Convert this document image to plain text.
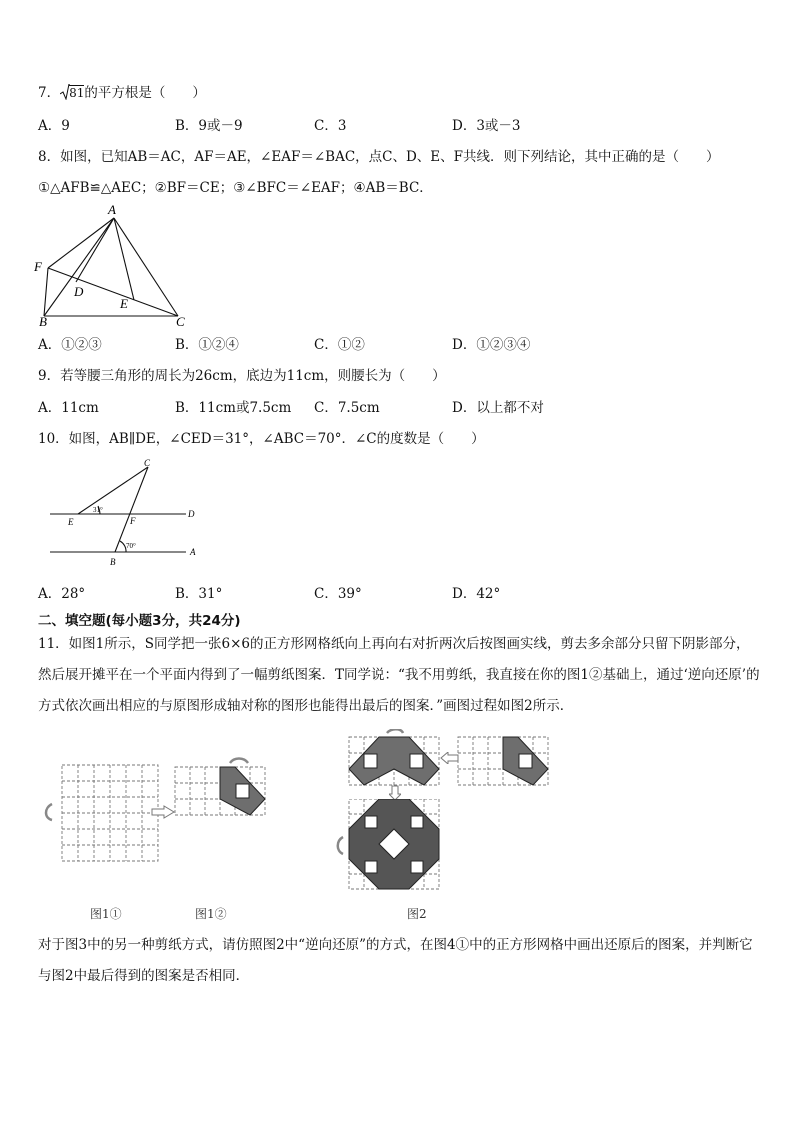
7． 81的平方根是（　　）
A．9	B．9或－9	C．3	D．3或－3
8．如图，已知AB＝AC，AF＝AE，∠EAF＝∠BAC，点C、D、E、F共线．则下列结论，其中正确的是（　　）
①△AFB≌△AEC；②BF＝CE；③∠BFC＝∠EAF；④AB＝BC．
A
F
D
E
B	C
A．①②③	B．①②④	C．①②	D．①②③④
9．若等腰三角形的周长为26cm，底边为11cm，则腰长为（　　）
A．11cm	B．11cm或7.5cm C．7.5cm	D．以上都不对
10．如图，AB∥DE，∠CED＝31°，∠ABC＝70°．∠C的度数是（　　）
C
E	F
D
B
A
31°
70°
A．28°	B．31°	C．39°	D．42°
二、填空题(每小题3分，共24分)
11．如图1所示，S同学把一张6×6的正方形网格纸向上再向右对折两次后按图画实线，剪去多余部分只留下阴影部分，然后展开摊平在一个平面内得到了一幅剪纸图案．T同学说：“我不用剪纸，我直接在你的图1②基础上，通过‘逆向还原’的方式依次画出相应的与原图形成轴对称的图形也能得出最后的图案．”画图过程如图2所示．
图1①	图1②	图2
对于图3中的另一种剪纸方式，请仿照图2中“逆向还原”的方式，在图4①中的正方形网格中画出还原后的图案，并判断它与图2中最后得到的图案是否相同．
